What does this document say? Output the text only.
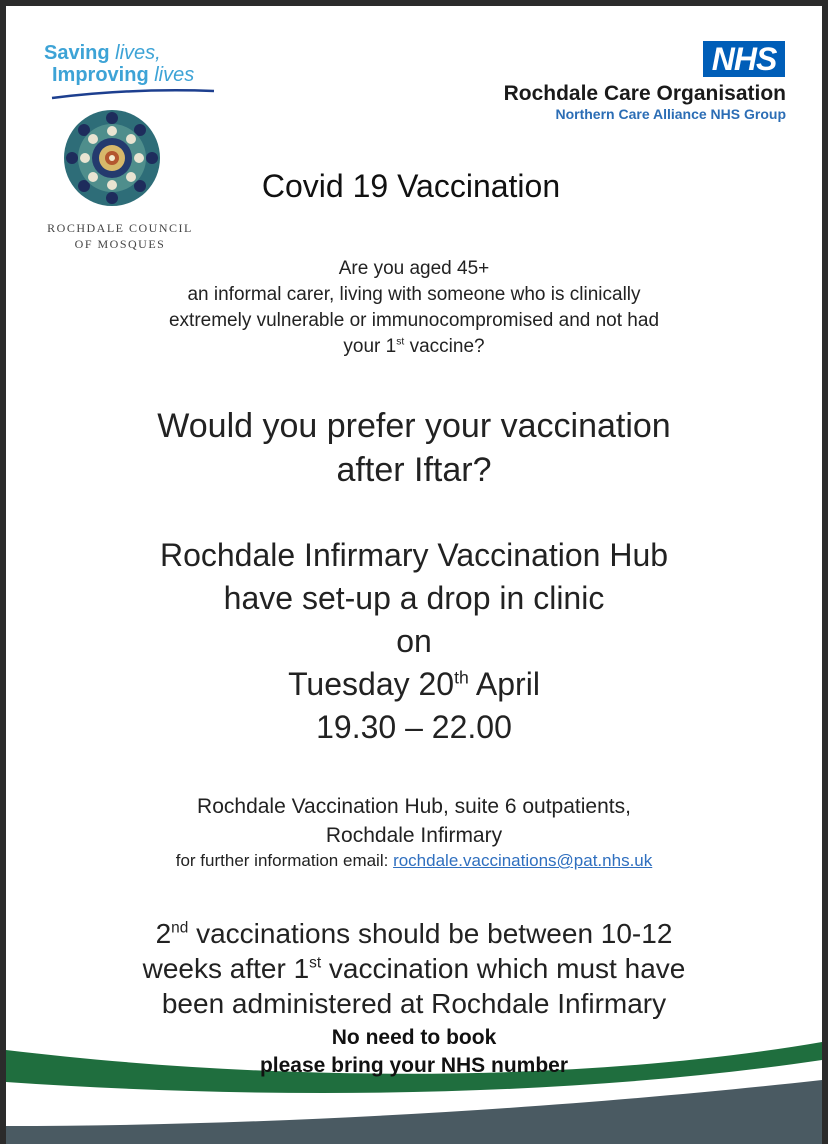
Saving lives,
Improving lives
ROCHDALE COUNCIL
OF MOSQUES
NHS
Rochdale Care Organisation
Northern Care Alliance NHS Group
Covid 19 Vaccination
Are you aged 45+
an informal carer, living with someone who is clinically
extremely vulnerable or immunocompromised and not had
your 1st vaccine?
Would you prefer your vaccination
after Iftar?
Rochdale Infirmary Vaccination Hub
have set-up a drop in clinic
on
Tuesday 20th April
19.30 – 22.00
Rochdale Vaccination Hub, suite 6 outpatients,
Rochdale Infirmary
for further information email: rochdale.vaccinations@pat.nhs.uk
2nd vaccinations should be between 10-12
weeks after 1st vaccination which must have
been administered at Rochdale Infirmary
No need to book
please bring your NHS number
